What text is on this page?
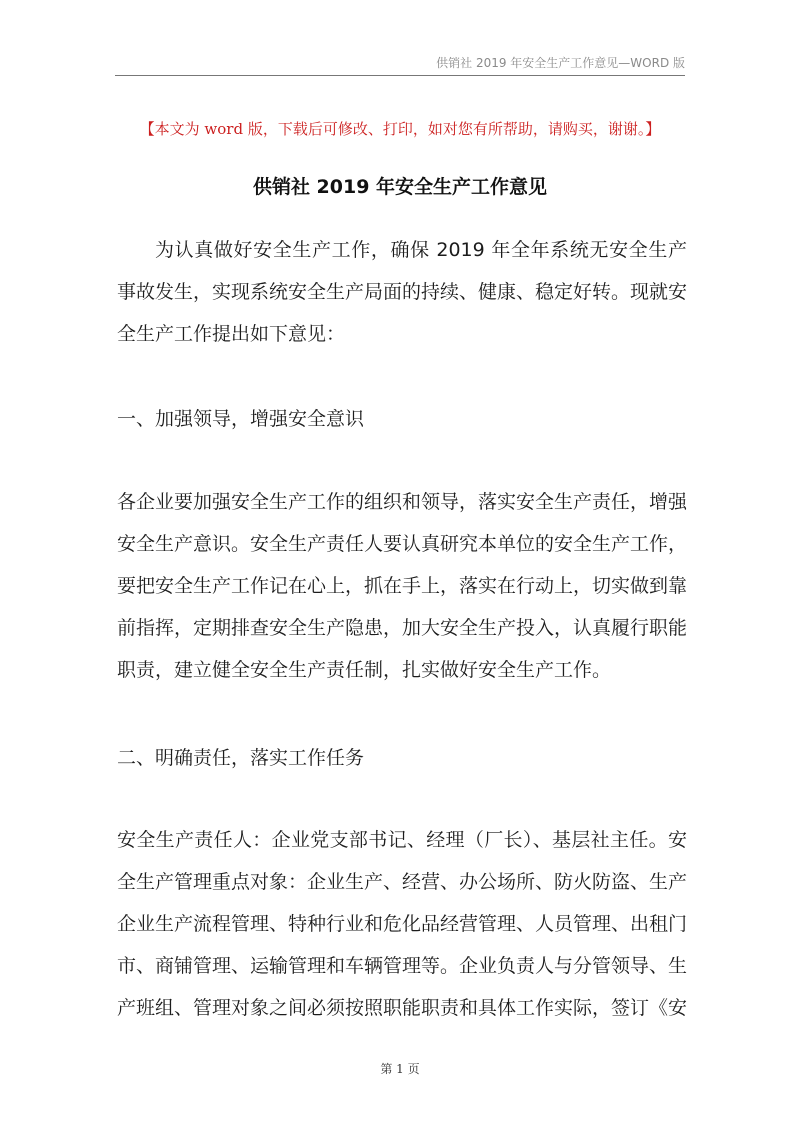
供销社 2019 年安全生产工作意见—WORD 版
【本文为 word 版，下载后可修改、打印，如对您有所帮助，请购买，谢谢。】
供销社 2019 年安全生产工作意见
为认真做好安全生产工作，确保 2019 年全年系统无安全生产事故发生，实现系统安全生产局面的持续、健康、稳定好转。现就安全生产工作提出如下意见：
一、加强领导，增强安全意识
各企业要加强安全生产工作的组织和领导，落实安全生产责任，增强安全生产意识。安全生产责任人要认真研究本单位的安全生产工作，要把安全生产工作记在心上，抓在手上，落实在行动上，切实做到靠前指挥，定期排查安全生产隐患，加大安全生产投入，认真履行职能职责，建立健全安全生产责任制，扎实做好安全生产工作。
二、明确责任，落实工作任务
安全生产责任人：企业党支部书记、经理（厂长）、基层社主任。安全生产管理重点对象：企业生产、经营、办公场所、防火防盗、生产企业生产流程管理、特种行业和危化品经营管理、人员管理、出租门市、商铺管理、运输管理和车辆管理等。企业负责人与分管领导、生产班组、管理对象之间必须按照职能职责和具体工作实际，签订《安
第 1 页
